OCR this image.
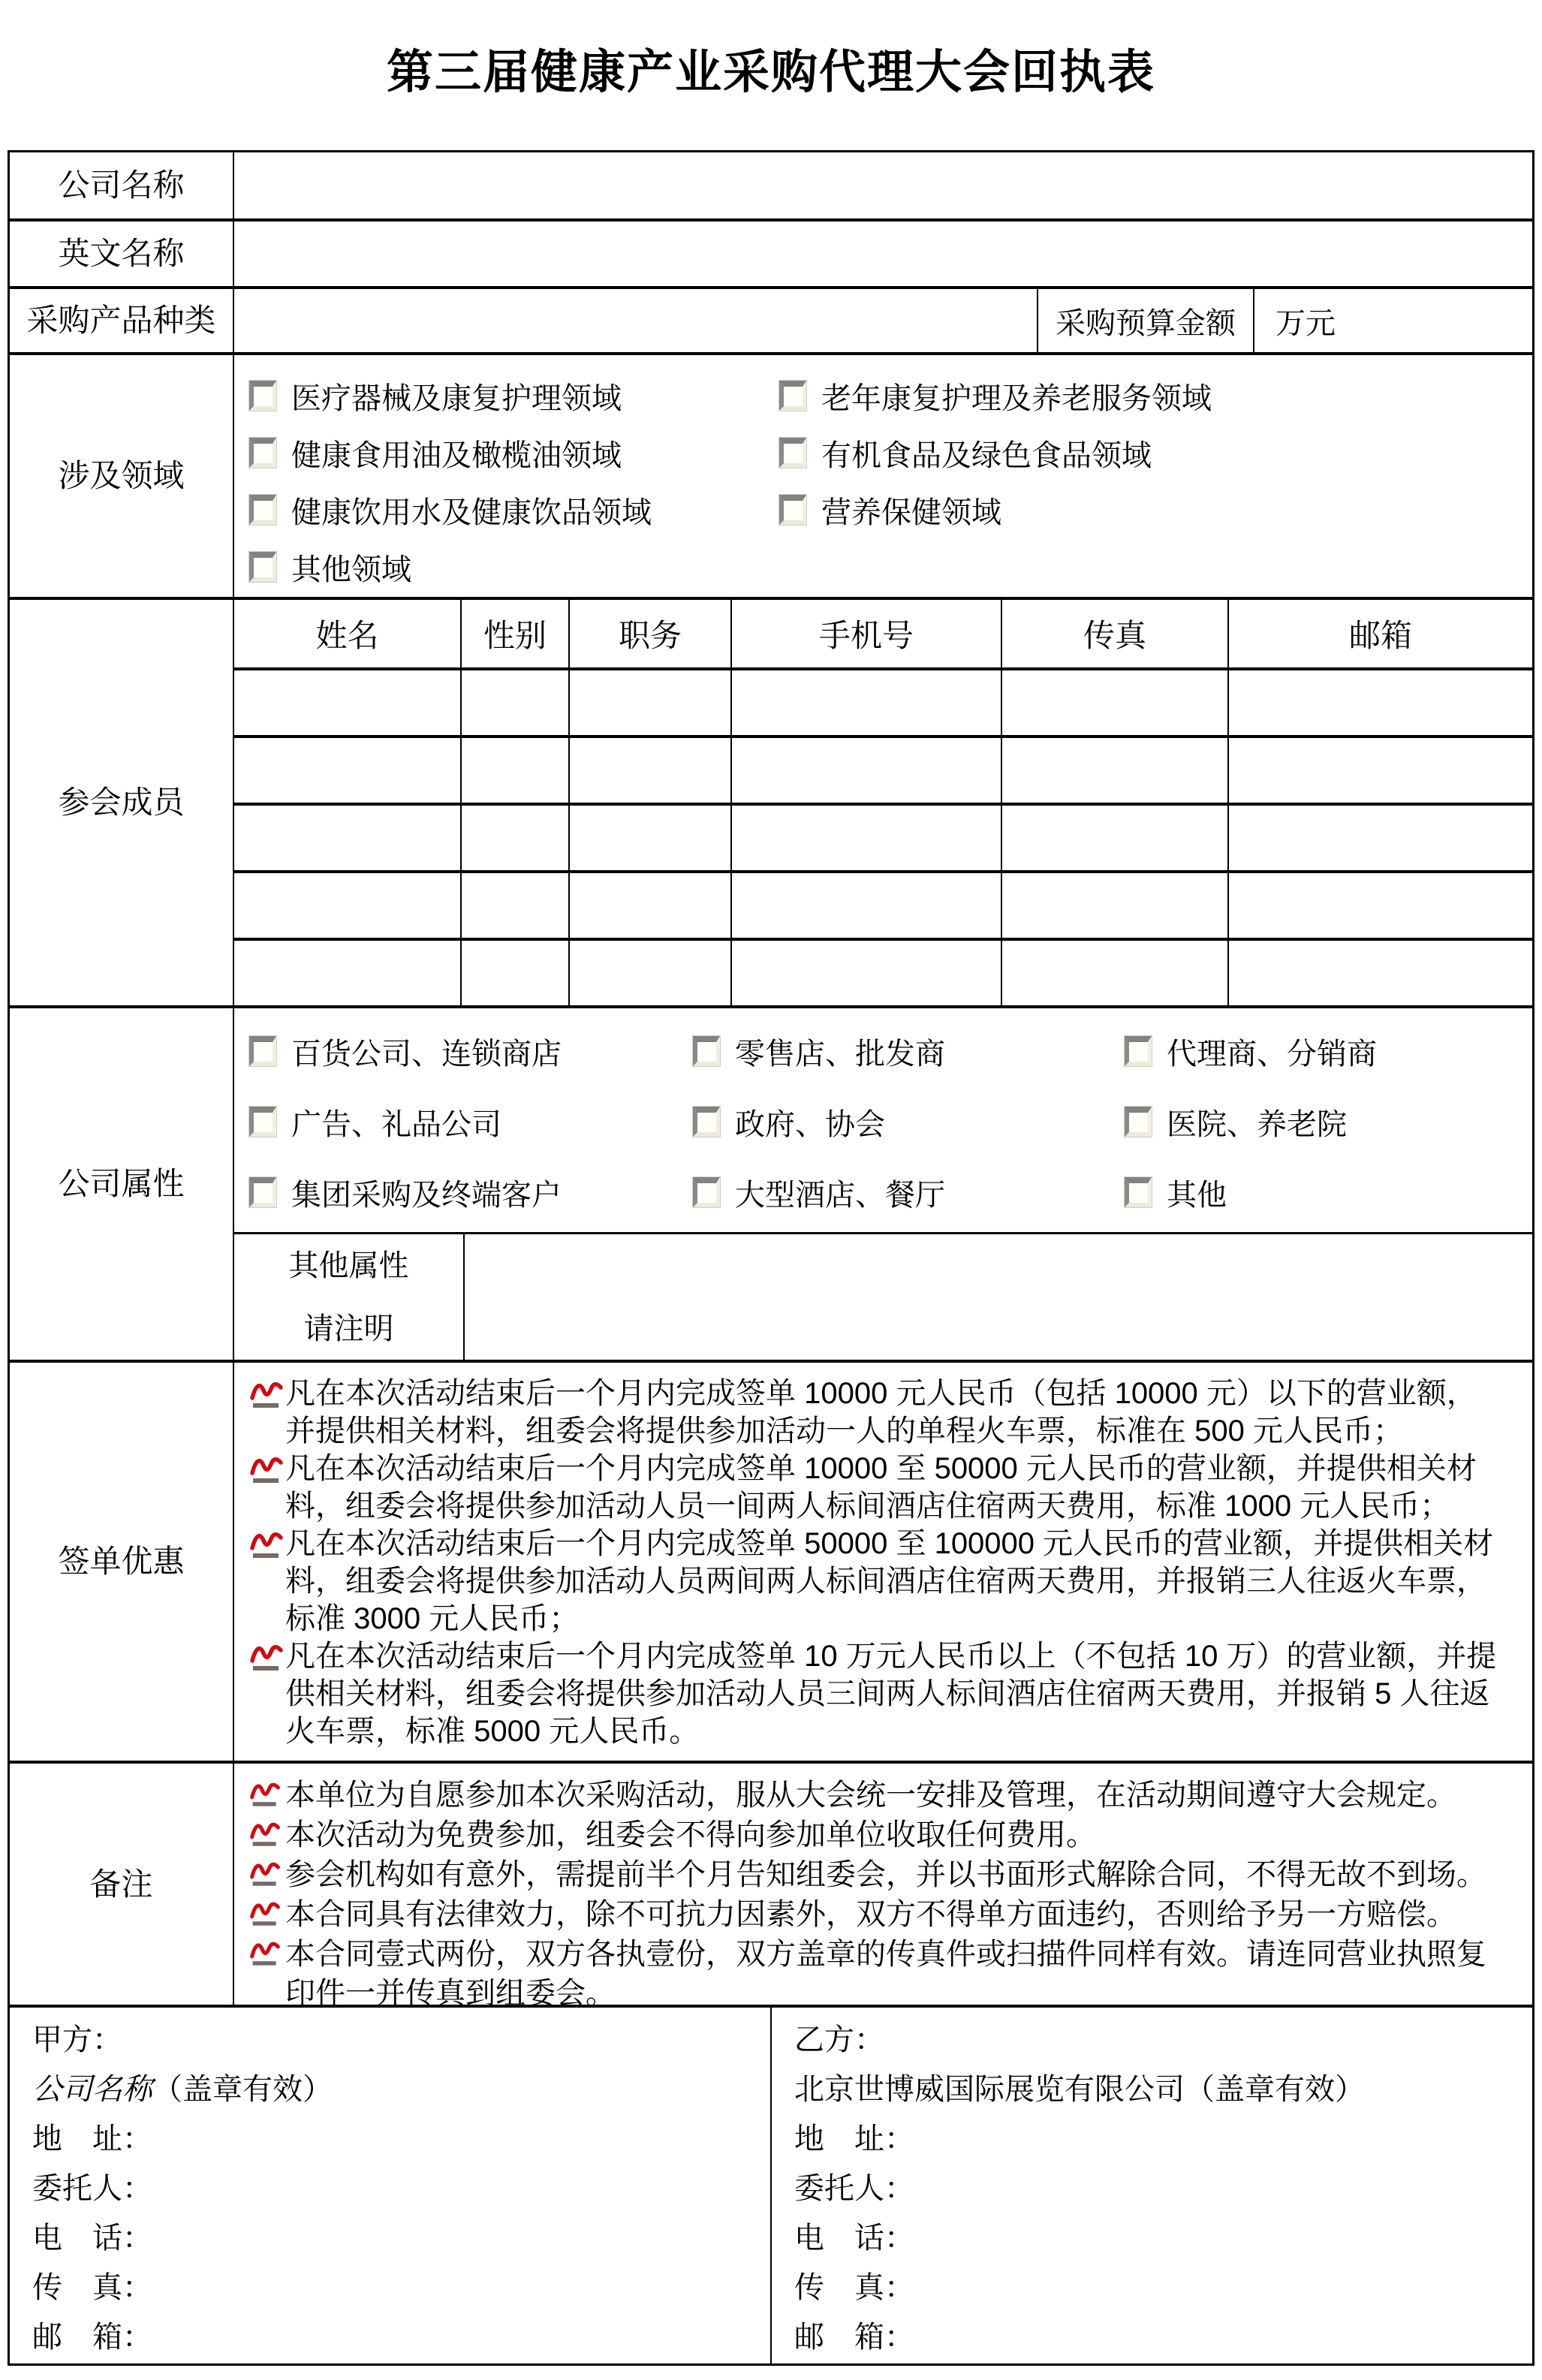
第三届健康产业采购代理大会回执表
公司名称
英文名称
采购产品种类	采购预算金额	万元
涉及领域
医疗器械及康复护理领域	老年康复护理及养老服务领域
健康食用油及橄榄油领域	有机食品及绿色食品领域
健康饮用水及健康饮品领域	营养保健领域
其他领域
参会成员
姓名	性别	职务	手机号	传真	邮箱
公司属性
百货公司、连锁商店	零售店、批发商	代理商、分销商
广告、礼品公司	政府、协会	医院、养老院
集团采购及终端客户	大型酒店、餐厅	其他
其他属性
请注明
签单优惠
凡在本次活动结束后一个月内完成签单 10000 元人民币（包括 10000 元）以下的营业额，并提供相关材料，组委会将提供参加活动一人的单程火车票，标准在 500 元人民币；
凡在本次活动结束后一个月内完成签单 10000 至 50000 元人民币的营业额，并提供相关材料，组委会将提供参加活动人员一间两人标间酒店住宿两天费用，标准 1000 元人民币；
凡在本次活动结束后一个月内完成签单 50000 至 100000 元人民币的营业额，并提供相关材料，组委会将提供参加活动人员两间两人标间酒店住宿两天费用，并报销三人往返火车票，标准 3000 元人民币；
凡在本次活动结束后一个月内完成签单 10 万元人民币以上（不包括 10 万）的营业额，并提供相关材料，组委会将提供参加活动人员三间两人标间酒店住宿两天费用，并报销 5 人往返火车票，标准 5000 元人民币。
备注
本单位为自愿参加本次采购活动，服从大会统一安排及管理，在活动期间遵守大会规定。
本次活动为免费参加，组委会不得向参加单位收取任何费用。
参会机构如有意外，需提前半个月告知组委会，并以书面形式解除合同，不得无故不到场。
本合同具有法律效力，除不可抗力因素外，双方不得单方面违约，否则给予另一方赔偿。
本合同壹式两份，双方各执壹份，双方盖章的传真件或扫描件同样有效。请连同营业执照复印件一并传真到组委会。
甲方：
公司名称（盖章有效）
地　址：
委托人：
电　话：
传　真：
邮　箱：
乙方：
北京世博威国际展览有限公司（盖章有效）
地　址：
委托人：
电　话：
传　真：
邮　箱：
